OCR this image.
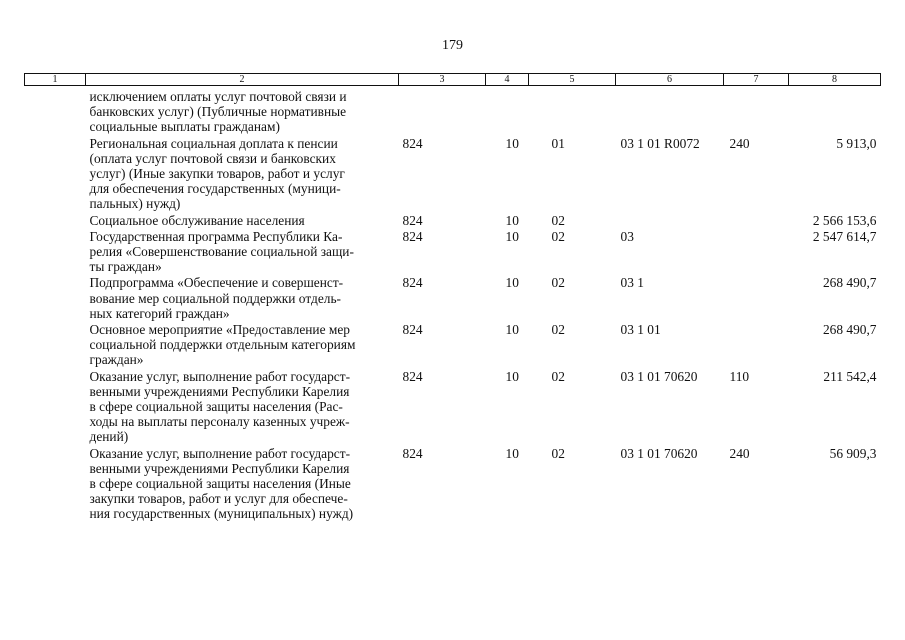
179
1	2	3	4	5	6	7	8

	исключением оплаты услуг почтовой связи и
банковских услуг) (Публичные нормативные
социальные выплаты гражданам)						

	Региональная социальная доплата к пенсии
(оплата услуг почтовой связи и банковских
услуг) (Иные закупки товаров, работ и услуг
для обеспечения государственных (муници-
пальных) нужд)	824	10	01	03 1 01 R0072	240	5 913,0

	Социальное обслуживание населения	824	10	02			2 566 153,6

	Государственная программа Республики Ка-
релия «Совершенствование социальной защи-
ты граждан»	824	10	02	03		2 547 614,7

	Подпрограмма «Обеспечение и совершенст-
вование мер социальной поддержки отдель-
ных категорий граждан»	824	10	02	03 1		268 490,7

	Основное мероприятие «Предоставление мер
социальной поддержки отдельным категориям
граждан»	824	10	02	03 1 01		268 490,7

	Оказание услуг, выполнение работ государст-
венными учреждениями Республики Карелия
в сфере социальной защиты населения (Рас-
ходы на выплаты персоналу казенных учреж-
дений)	824	10	02	03 1 01 70620	110	211 542,4

	Оказание услуг, выполнение работ государст-
венными учреждениями Республики Карелия
в сфере социальной защиты населения (Иные
закупки товаров, работ и услуг для обеспече-
ния государственных (муниципальных) нужд)	824	10	02	03 1 01 70620	240	56 909,3
